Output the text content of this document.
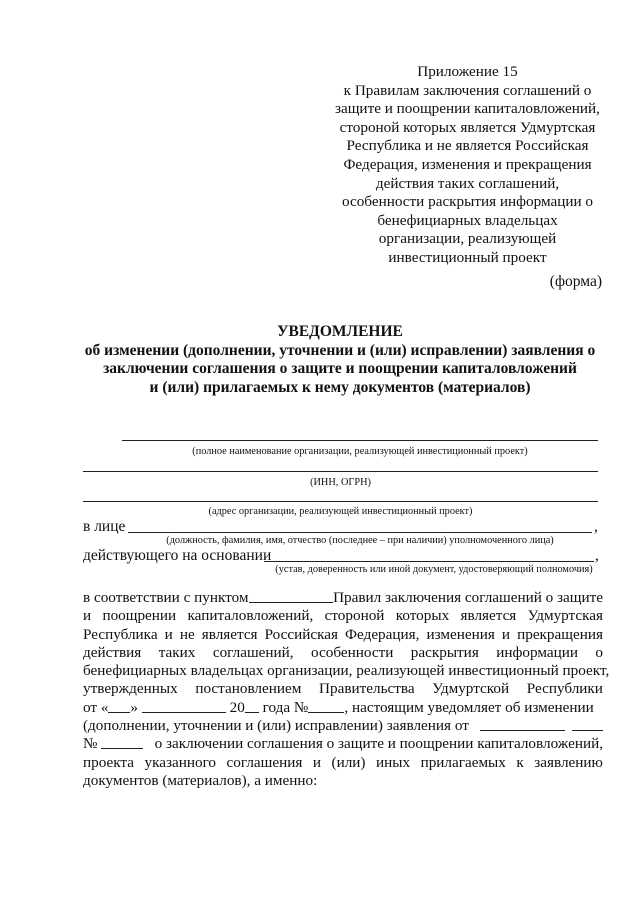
Приложение 15
к Правилам заключения соглашений о
защите и поощрении капиталовложений,
стороной которых является Удмуртская
Республика и не является Российская
Федерация, изменения и прекращения
действия таких соглашений,
особенности раскрытия информации о
бенефициарных владельцах
организации, реализующей
инвестиционный проект
(форма)
УВЕДОМЛЕНИЕ
об изменении (дополнении, уточнении и (или) исправлении) заявления о
заключении соглашения о защите и поощрении капиталовложений
и (или) прилагаемых к нему документов (материалов)
(полное наименование организации, реализующей инвестиционный проект)
(ИНН, ОГРН)
(адрес организации, реализующей инвестиционный проект)
в лице	,
(должность, фамилия, имя, отчество (последнее – при наличии) уполномоченного лица)
действующего на основании	,
(устав, доверенность или иной документ, удостоверяющий полномочия)
в соответствии с пунктом	Правил заключения соглашений о защите
и поощрении капиталовложений, стороной которых является Удмуртская
Республика и не является Российская Федерация, изменения и прекращения
действия таких соглашений, особенности раскрытия информации о
бенефициарных владельцах организации, реализующей инвестиционный проект,
утвержденных постановлением Правительства Удмуртской Республики
от « »

	20
года № , настоящим уведомляет об изменении
(дополнении, уточнении и (или) исправлении) заявления от

№

	о заключении соглашения о защите и поощрении капиталовложений,
проекта указанного соглашения и (или) иных прилагаемых к заявлению
документов (материалов), а именно:
